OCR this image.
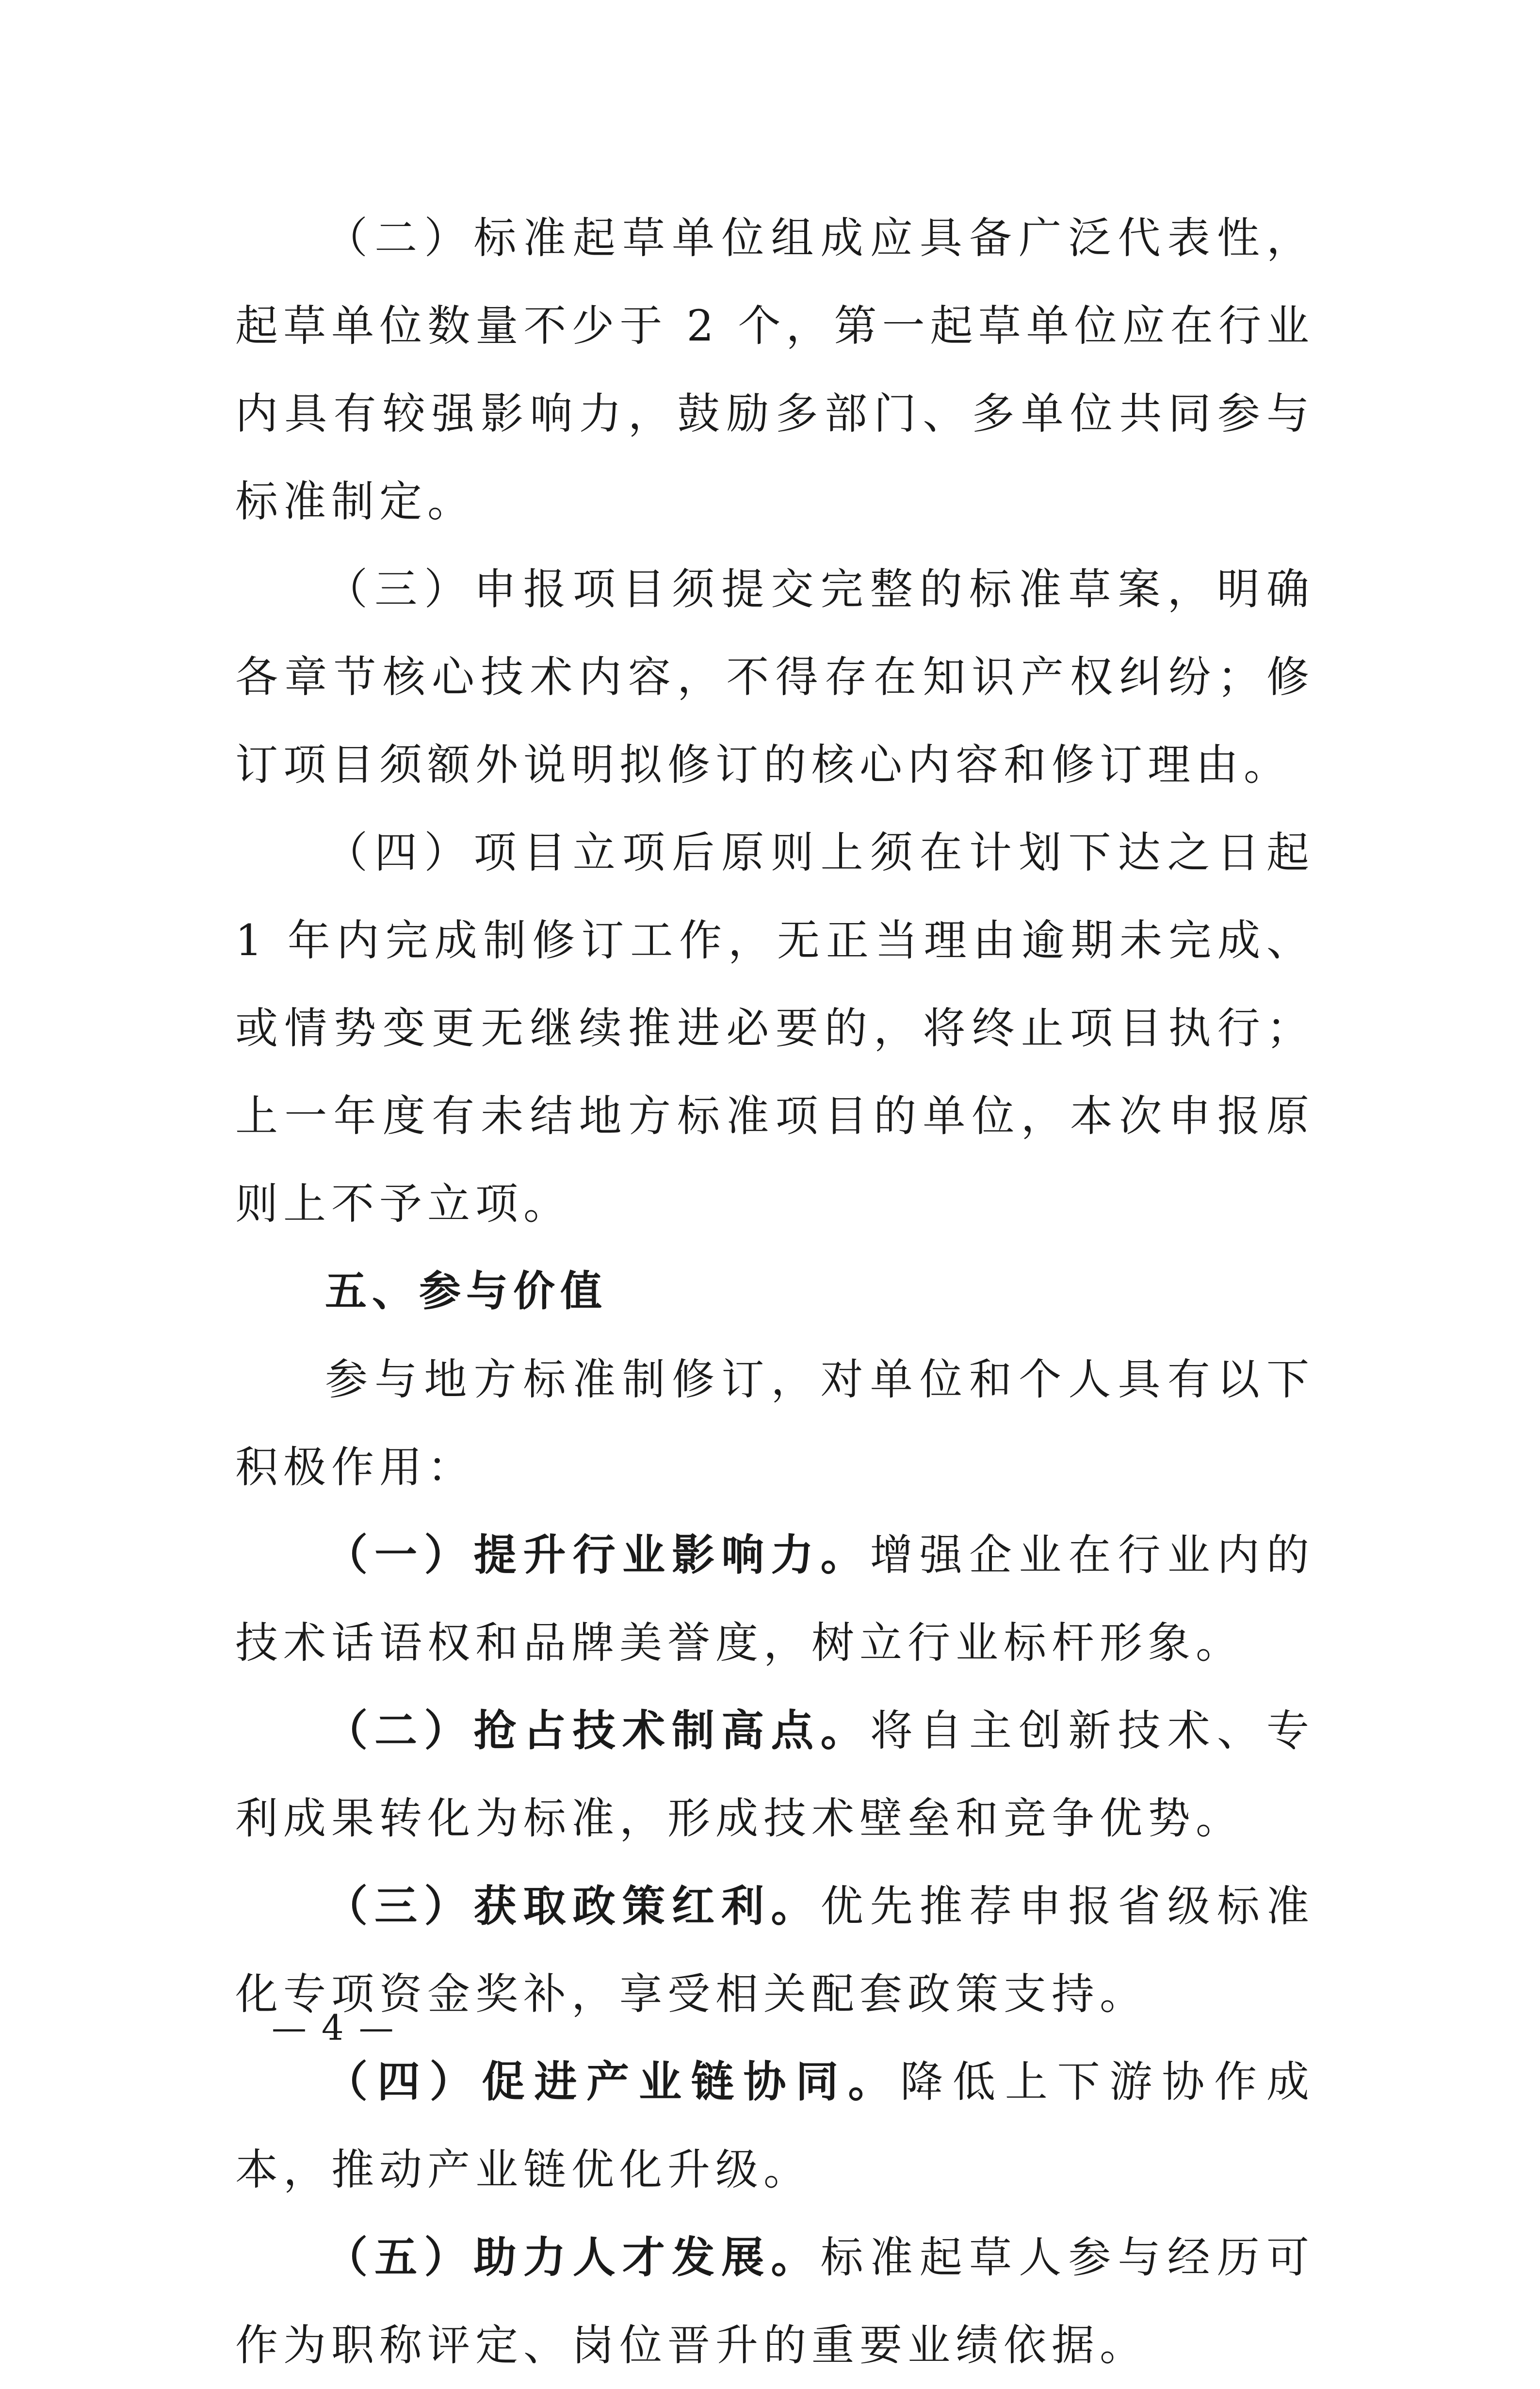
（二）标准起草单位组成应具备广泛代表性，起草单位数量不少于 2 个，第一起草单位应在行业内具有较强影响力，鼓励多部门、多单位共同参与标准制定。

（三）申报项目须提交完整的标准草案，明确各章节核心技术内容，不得存在知识产权纠纷；修订项目须额外说明拟修订的核心内容和修订理由。

（四）项目立项后原则上须在计划下达之日起 1 年内完成制修订工作，无正当理由逾期未完成、或情势变更无继续推进必要的，将终止项目执行；上一年度有未结地方标准项目的单位，本次申报原则上不予立项。

五、参与价值

参与地方标准制修订，对单位和个人具有以下积极作用：

（一）提升行业影响力。增强企业在行业内的技术话语权和品牌美誉度，树立行业标杆形象。

（二）抢占技术制高点。将自主创新技术、专利成果转化为标准，形成技术壁垒和竞争优势。

（三）获取政策红利。优先推荐申报省级标准化专项资金奖补，享受相关配套政策支持。

（四）促进产业链协同。降低上下游协作成本，推动产业链优化升级。

（五）助力人才发展。标准起草人参与经历可作为职称评定、岗位晋升的重要业绩依据。

— 4 —
